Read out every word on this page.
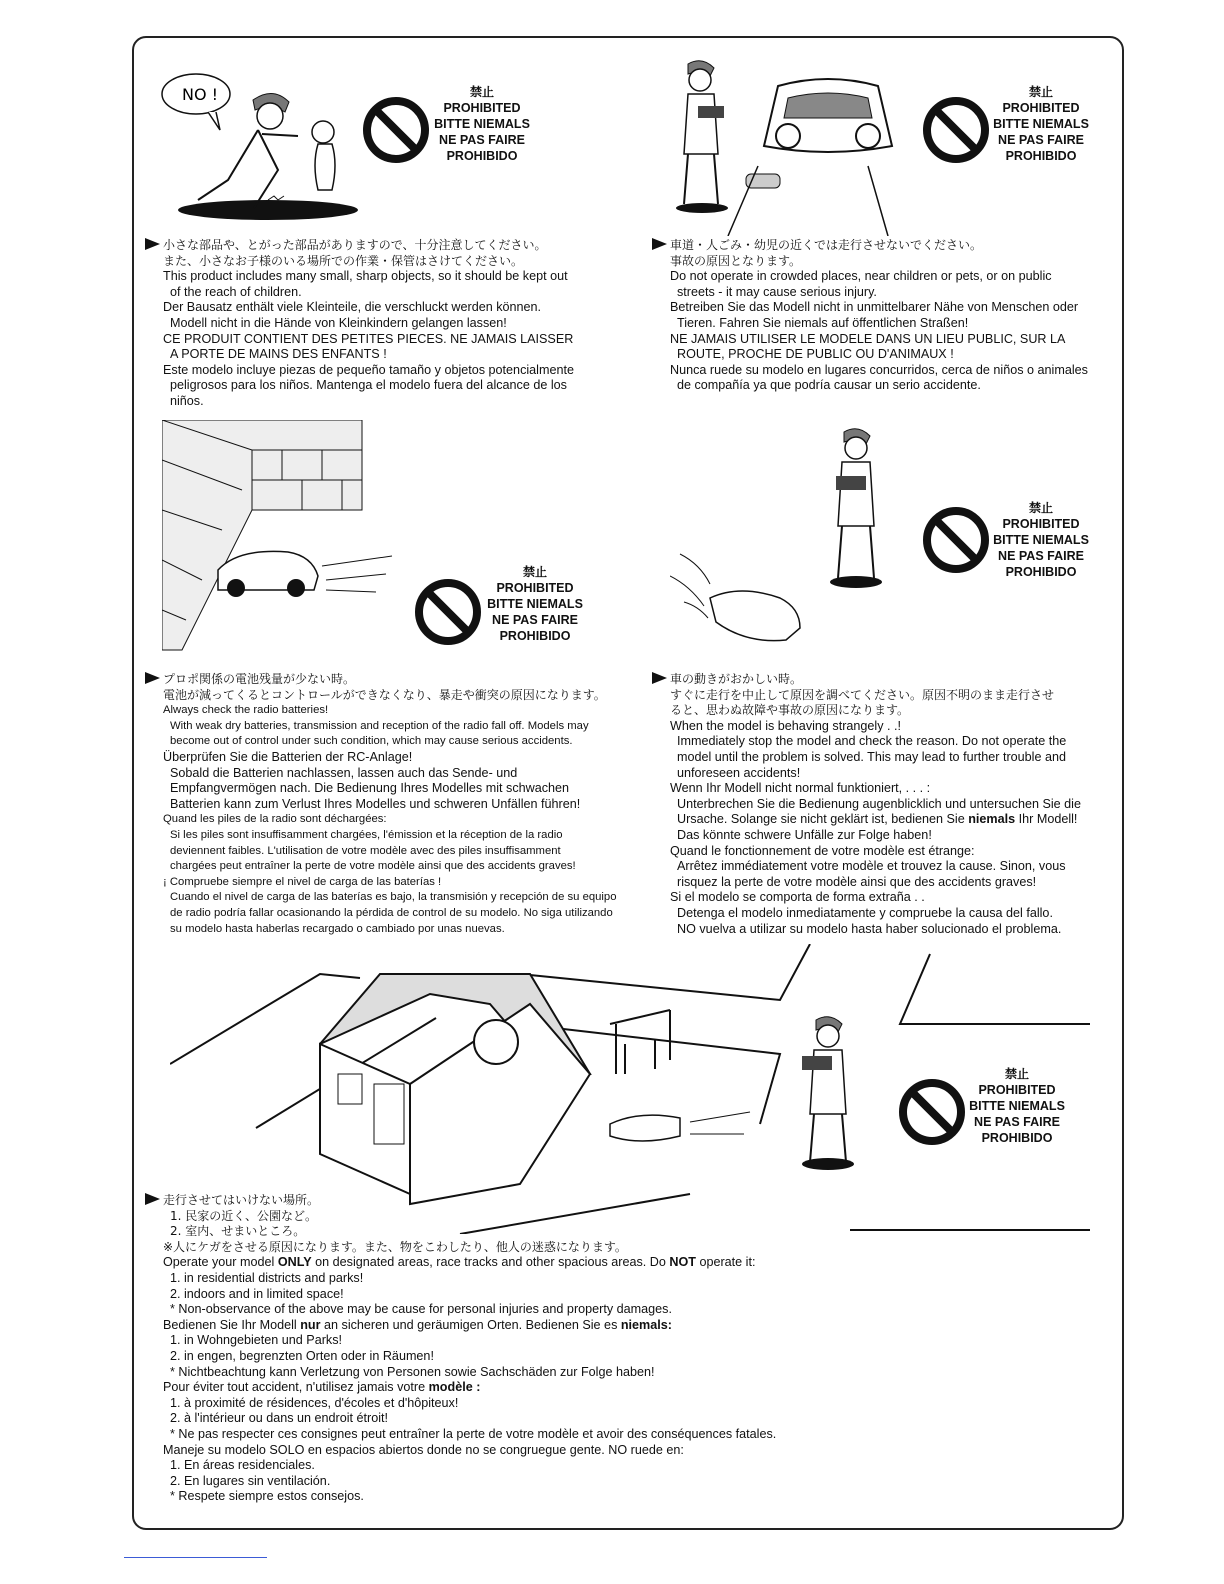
NO !	禁止
PROHIBITED
BITTE NIEMALS
NE PAS FAIRE
PROHIBIDO
禁止
PROHIBITED
BITTE NIEMALS
NE PAS FAIRE
PROHIBIDO
小さな部品や、とがった部品がありますので、十分注意してください。
また、小さなお子様のいる場所での作業・保管はさけてください。
This product includes many small, sharp objects, so it should be kept out
of the reach of children.
Der Bausatz enthält viele Kleinteile, die verschluckt werden können.
Modell nicht in die Hände von Kleinkindern gelangen lassen!
CE PRODUIT CONTIENT DES PETITES PIECES. NE JAMAIS LAISSER
A PORTE DE MAINS DES ENFANTS !
Este modelo incluye piezas de pequeño tamaño y objetos potencialmente
peligrosos para los niños. Mantenga el modelo fuera del alcance de los
niños.
車道・人ごみ・幼児の近くでは走行させないでください。
事故の原因となります。
Do not operate in crowded places, near children or pets, or on public
streets - it may cause serious injury.
Betreiben Sie das Modell nicht in unmittelbarer Nähe von Menschen oder
Tieren. Fahren Sie niemals auf öffentlichen Straßen!
NE JAMAIS UTILISER LE MODELE DANS UN LIEU PUBLIC, SUR LA
ROUTE, PROCHE DE PUBLIC OU D'ANIMAUX !
Nunca ruede su modelo en lugares concurridos, cerca de niños o animales
de compañía ya que podría causar un serio accidente.
禁止
PROHIBITED
BITTE NIEMALS
NE PAS FAIRE
PROHIBIDO
禁止
PROHIBITED
BITTE NIEMALS
NE PAS FAIRE
PROHIBIDO
プロポ関係の電池残量が少ない時。
電池が減ってくるとコントロールができなくなり、暴走や衝突の原因になります。
Always check the radio batteries!
With weak dry batteries, transmission and reception of the radio fall off. Models may
become out of control under such condition, which may cause serious accidents.
Überprüfen Sie die Batterien der RC-Anlage!
Sobald die Batterien nachlassen, lassen auch das Sende- und
Empfangvermögen nach. Die Bedienung Ihres Modelles mit schwachen
Batterien kann zum Verlust Ihres Modelles und schweren Unfällen führen!
Quand les piles de la radio sont déchargées:
Si les piles sont insuffisamment chargées, l'émission et la réception de la radio
deviennent faibles. L'utilisation de votre modèle avec des piles insuffisamment
chargées peut entraîner la perte de votre modèle ainsi que des accidents graves!
¡ Compruebe siempre el nivel de carga de las baterías !
Cuando el nivel de carga de las baterías es bajo, la transmisión y recepción de su equipo
de radio podría fallar ocasionando la pérdida de control de su modelo. No siga utilizando
su modelo hasta haberlas recargado o cambiado por unas nuevas.
車の動きがおかしい時。
すぐに走行を中止して原因を調べてください。原因不明のまま走行させ
ると、思わぬ故障や事故の原因になります。
When the model is behaving strangely . .!
Immediately stop the model and check the reason. Do not operate the
model until the problem is solved. This may lead to further trouble and
unforeseen accidents!
Wenn Ihr Modell nicht normal funktioniert, . . . :
Unterbrechen Sie die Bedienung augenblicklich und untersuchen Sie die
Ursache. Solange sie nicht geklärt ist, bedienen Sie niemals Ihr Modell!
Das könnte schwere Unfälle zur Folge haben!
Quand le fonctionnement de votre modèle est étrange:
Arrêtez immédiatement votre modèle et trouvez la cause. Sinon, vous
risquez la perte de votre modèle ainsi que des accidents graves!
Si el modelo se comporta de forma extraña . .
Detenga el modelo inmediatamente y compruebe la causa del fallo.
NO vuelva a utilizar su modelo hasta haber solucionado el problema.
禁止
PROHIBITED
BITTE NIEMALS
NE PAS FAIRE
PROHIBIDO
走行させてはいけない場所。
1. 民家の近く、公園など。
2. 室内、せまいところ。
※人にケガをさせる原因になります。また、物をこわしたり、他人の迷惑になります。
Operate your model ONLY on designated areas, race tracks and other spacious areas. Do NOT operate it:
1. in residential districts and parks!
2. indoors and in limited space!
* Non-observance of the above may be cause for personal injuries and property damages.
Bedienen Sie Ihr Modell nur an sicheren und geräumigen Orten. Bedienen Sie es niemals:
1. in Wohngebieten und Parks!
2. in engen, begrenzten Orten oder in Räumen!
* Nichtbeachtung kann Verletzung von Personen sowie Sachschäden zur Folge haben!
Pour éviter tout accident, n'utilisez jamais votre modèle :
1. à proximité de résidences, d'écoles et d'hôpiteux!
2. à l'intérieur ou dans un endroit étroit!
* Ne pas respecter ces consignes peut entraîner la perte de votre modèle et avoir des conséquences fatales.
Maneje su modelo SOLO en espacios abiertos donde no se congruegue gente. NO ruede en:
1. En áreas residenciales.
2. En lugares sin ventilación.
* Respete siempre estos consejos.
